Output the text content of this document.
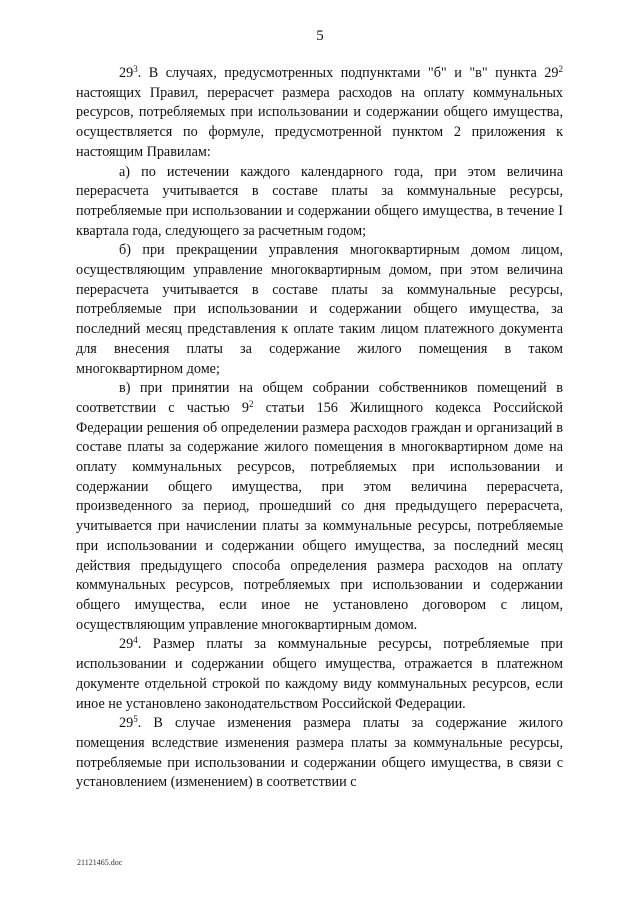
5

$29^3$. В случаях, предусмотренных подпунктами "б" и "в" пункта $29^2$ настоящих Правил, перерасчет размера расходов на оплату коммунальных ресурсов, потребляемых при использовании и содержании общего имущества, осуществляется по формуле, предусмотренной пунктом 2 приложения к настоящим Правилам:

а) по истечении каждого календарного года, при этом величина перерасчета учитывается в составе платы за коммунальные ресурсы, потребляемые при использовании и содержании общего имущества, в течение I квартала года, следующего за расчетным годом;

б) при прекращении управления многоквартирным домом лицом, осуществляющим управление многоквартирным домом, при этом величина перерасчета учитывается в составе платы за коммунальные ресурсы, потребляемые при использовании и содержании общего имущества, за последний месяц представления к оплате таким лицом платежного документа для внесения платы за содержание жилого помещения в таком многоквартирном доме;

в) при принятии на общем собрании собственников помещений в соответствии с частью $9^2$ статьи 156 Жилищного кодекса Российской Федерации решения об определении размера расходов граждан и организаций в составе платы за содержание жилого помещения в многоквартирном доме на оплату коммунальных ресурсов, потребляемых при использовании и содержании общего имущества, при этом величина перерасчета, произведенного за период, прошедший со дня предыдущего перерасчета, учитывается при начислении платы за коммунальные ресурсы, потребляемые при использовании и содержании общего имущества, за последний месяц действия предыдущего способа определения размера расходов на оплату коммунальных ресурсов, потребляемых при использовании и содержании общего имущества, если иное не установлено договором с лицом, осуществляющим управление многоквартирным домом.

$29^4$. Размер платы за коммунальные ресурсы, потребляемые при использовании и содержании общего имущества, отражается в платежном документе отдельной строкой по каждому виду коммунальных ресурсов, если иное не установлено законодательством Российской Федерации.

$29^5$. В случае изменения размера платы за содержание жилого помещения вследствие изменения размера платы за коммунальные ресурсы, потребляемые при использовании и содержании общего имущества, в связи с установлением (изменением) в соответствии с

21121465.doc
